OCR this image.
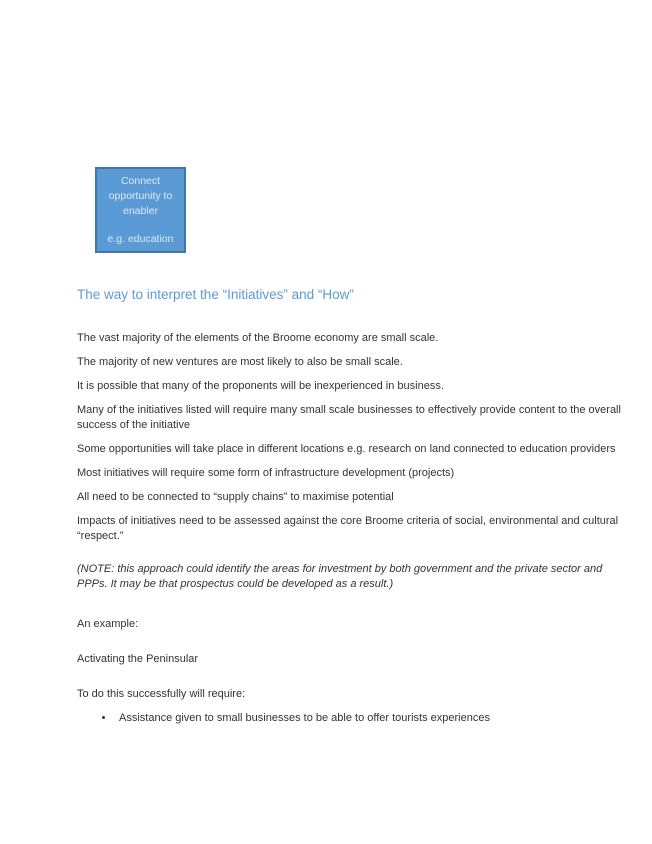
Connect opportunity to enabler
e.g. education
The way to interpret the “Initiatives” and “How”

The vast majority of the elements of the Broome economy are small scale.

The majority of new ventures are most likely to also be small scale.

It is possible that many of the proponents will be inexperienced in business.

Many of the initiatives listed will require many small scale businesses to effectively provide content to the overall success of the initiative

Some opportunities will take place in different locations e.g. research on land connected to education providers

Most initiatives will require some form of infrastructure development (projects)

All need to be connected to “supply chains” to maximise potential

Impacts of initiatives need to be assessed against the core Broome criteria of social, environmental and cultural “respect.”

(NOTE: this approach could identify the areas for investment by both government and the private sector and PPPs. It may be that prospectus could be developed as a result.)

An example:

Activating the Peninsular

To do this successfully will require:

• Assistance given to small businesses to be able to offer tourists experiences
